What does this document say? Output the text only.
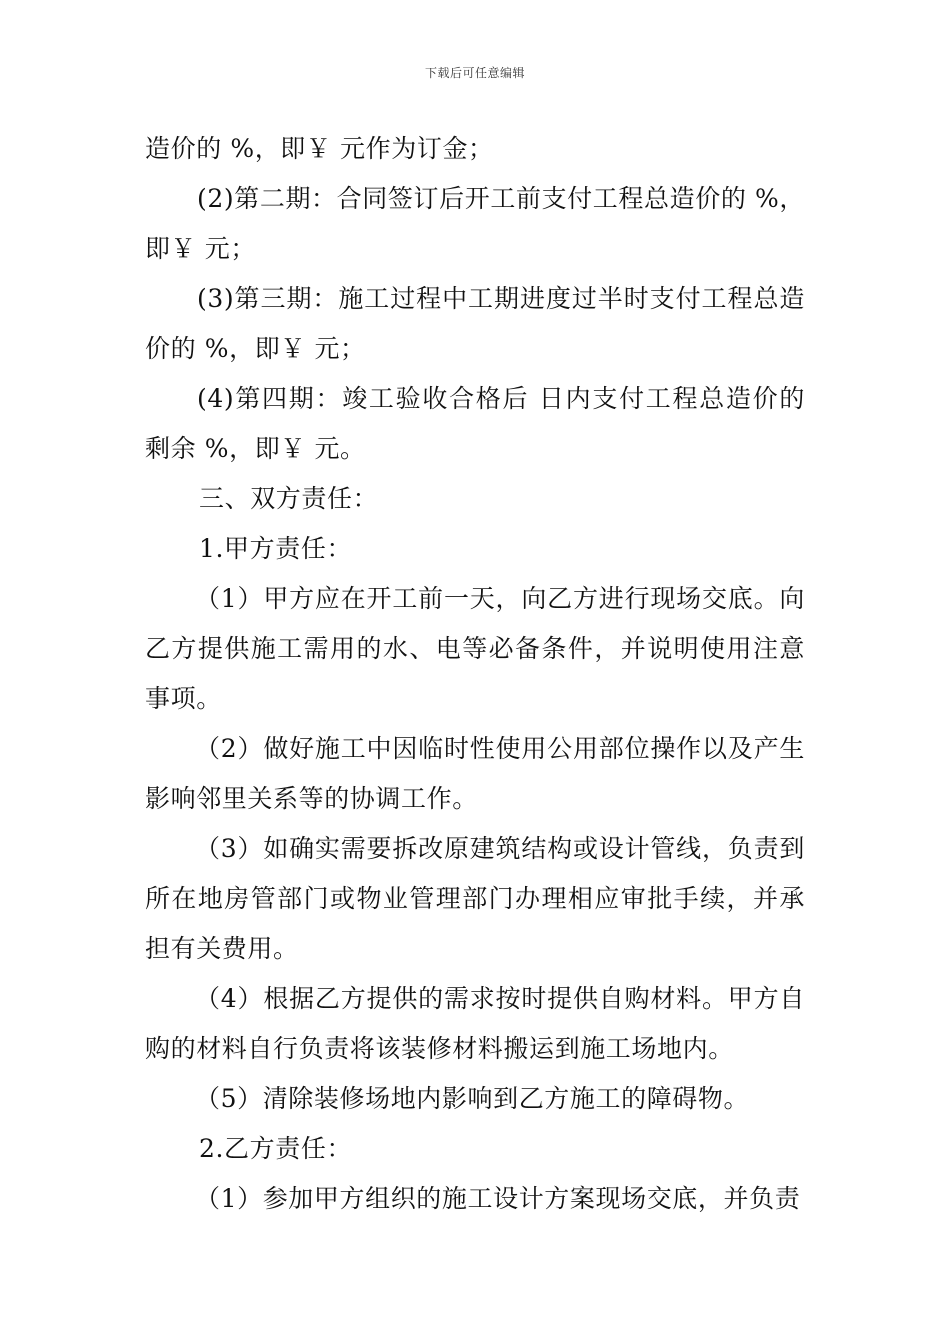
下载后可任意编辑

造价的 %，即￥ 元作为订金；

(2)第二期：合同签订后开工前支付工程总造价的 %，即￥ 元；

(3)第三期：施工过程中工期进度过半时支付工程总造价的 %，即￥ 元；

(4)第四期：竣工验收合格后 日内支付工程总造价的剩余 %，即￥ 元。

三、双方责任：

1.甲方责任：

（1）甲方应在开工前一天，向乙方进行现场交底。向乙方提供施工需用的水、电等必备条件，并说明使用注意事项。

（2）做好施工中因临时性使用公用部位操作以及产生影响邻里关系等的协调工作。

（3）如确实需要拆改原建筑结构或设计管线，负责到所在地房管部门或物业管理部门办理相应审批手续，并承担有关费用。

（4）根据乙方提供的需求按时提供自购材料。甲方自购的材料自行负责将该装修材料搬运到施工场地内。

（5）清除装修场地内影响到乙方施工的障碍物。

2.乙方责任：

（1）参加甲方组织的施工设计方案现场交底，并负责
